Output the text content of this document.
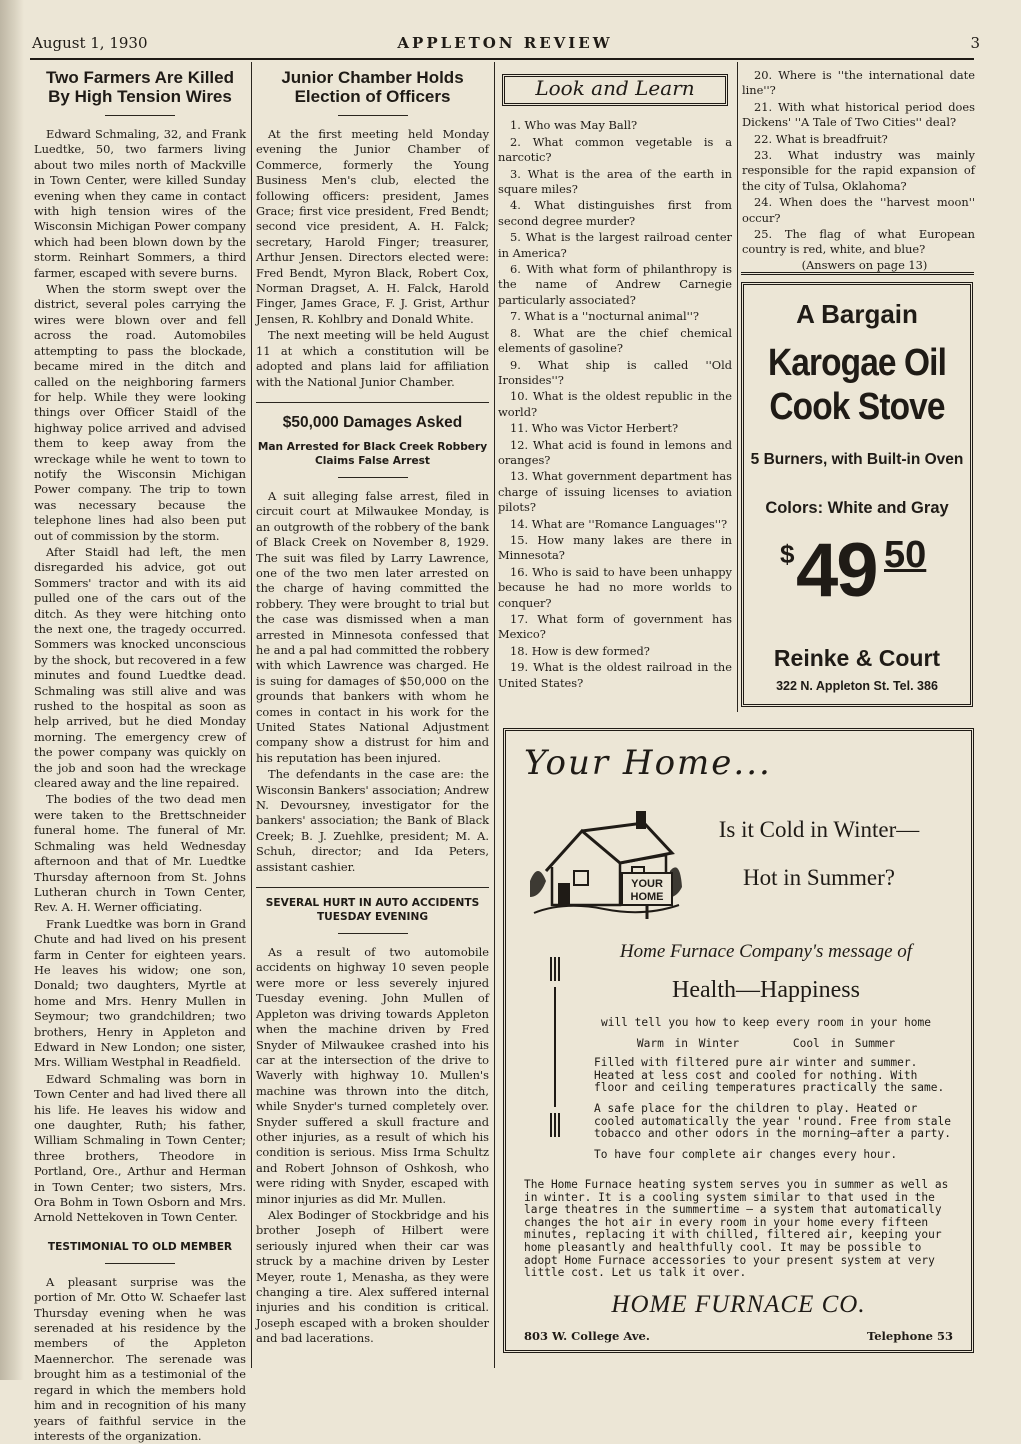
August 1, 1930	APPLETON REVIEW	3
Two Farmers Are Killed
By High Tension Wires

Edward Schmaling, 32, and Frank Luedtke, 50, two farmers living about two miles north of Mackville in Town Center, were killed Sunday evening when they came in contact with high tension wires of the Wisconsin Michigan Power company which had been blown down by the storm. Reinhart Sommers, a third farmer, escaped with severe burns.

When the storm swept over the district, several poles carrying the wires were blown over and fell across the road. Automobiles attempting to pass the blockade, became mired in the ditch and called on the neighboring farmers for help. While they were looking things over Officer Staidl of the highway police arrived and advised them to keep away from the wreckage while he went to town to notify the Wisconsin Michigan Power company. The trip to town was necessary because the telephone lines had also been put out of commission by the storm.

After Staidl had left, the men disregarded his advice, got out Sommers' tractor and with its aid pulled one of the cars out of the ditch. As they were hitching onto the next one, the tragedy occurred. Sommers was knocked unconscious by the shock, but recovered in a few minutes and found Luedtke dead. Schmaling was still alive and was rushed to the hospital as soon as help arrived, but he died Monday morning. The emergency crew of the power company was quickly on the job and soon had the wreckage cleared away and the line repaired.

The bodies of the two dead men were taken to the Brettschneider funeral home. The funeral of Mr. Schmaling was held Wednesday afternoon and that of Mr. Luedtke Thursday afternoon from St. Johns Lutheran church in Town Center, Rev. A. H. Werner officiating.

Frank Luedtke was born in Grand Chute and had lived on his present farm in Center for eighteen years. He leaves his widow; one son, Donald; two daughters, Myrtle at home and Mrs. Henry Mullen in Seymour; two grandchildren; two brothers, Henry in Appleton and Edward in New London; one sister, Mrs. William Westphal in Readfield.

Edward Schmaling was born in Town Center and had lived there all his life. He leaves his widow and one daughter, Ruth; his father, William Schmaling in Town Center; three brothers, Theodore in Portland, Ore., Arthur and Herman in Town Center; two sisters, Mrs. Ora Bohm in Town Osborn and Mrs. Arnold Nettekoven in Town Center.

TESTIMONIAL TO OLD MEMBER

A pleasant surprise was the portion of Mr. Otto W. Schaefer last Thursday evening when he was serenaded at his residence by the members of the Appleton Maennerchor. The serenade was brought him as a testimonial of the regard in which the members hold him and in recognition of his many years of faithful service in the interests of the organization.

Junior Chamber Holds
Election of Officers

At the first meeting held Monday evening the Junior Chamber of Commerce, formerly the Young Business Men's club, elected the following officers: president, James Grace; first vice president, Fred Bendt; second vice president, A. H. Falck; secretary, Harold Finger; treasurer, Arthur Jensen. Directors elected were: Fred Bendt, Myron Black, Robert Cox, Norman Dragset, A. H. Falck, Harold Finger, James Grace, F. J. Grist, Arthur Jensen, R. Kohlbry and Donald White.

The next meeting will be held August 11 at which a constitution will be adopted and plans laid for affiliation with the National Junior Chamber.

$50,000 Damages Asked
Man Arrested for Black Creek Robbery Claims False Arrest

A suit alleging false arrest, filed in circuit court at Milwaukee Monday, is an outgrowth of the robbery of the bank of Black Creek on November 8, 1929. The suit was filed by Larry Lawrence, one of the two men later arrested on the charge of having committed the robbery. They were brought to trial but the case was dismissed when a man arrested in Minnesota confessed that he and a pal had committed the robbery with which Lawrence was charged. He is suing for damages of $50,000 on the grounds that bankers with whom he comes in contact in his work for the United States National Adjustment company show a distrust for him and his reputation has been injured.

The defendants in the case are: the Wisconsin Bankers' association; Andrew N. Devoursney, investigator for the bankers' association; the Bank of Black Creek; B. J. Zuehlke, president; M. A. Schuh, director; and Ida Peters, assistant cashier.

SEVERAL HURT IN AUTO ACCIDENTS TUESDAY EVENING

As a result of two automobile accidents on highway 10 seven people were more or less severely injured Tuesday evening. John Mullen of Appleton was driving towards Appleton when the machine driven by Fred Snyder of Milwaukee crashed into his car at the intersection of the drive to Waverly with highway 10. Mullen's machine was thrown into the ditch, while Snyder's turned completely over. Snyder suffered a skull fracture and other injuries, as a result of which his condition is serious. Miss Irma Schultz and Robert Johnson of Oshkosh, who were riding with Snyder, escaped with minor injuries as did Mr. Mullen.

Alex Bodinger of Stockbridge and his brother Joseph of Hilbert were seriously injured when their car was struck by a machine driven by Lester Meyer, route 1, Menasha, as they were changing a tire. Alex suffered internal injuries and his condition is critical. Joseph escaped with a broken shoulder and bad lacerations.

Look and Learn

1. Who was May Ball?

2. What common vegetable is a narcotic?

3. What is the area of the earth in square miles?

4. What distinguishes first from second degree murder?

5. What is the largest railroad center in America?

6. With what form of philanthropy is the name of Andrew Carnegie particularly associated?

7. What is a ''nocturnal animal''?

8. What are the chief chemical elements of gasoline?

9. What ship is called ''Old Ironsides''?

10. What is the oldest republic in the world?

11. Who was Victor Herbert?

12. What acid is found in lemons and oranges?

13. What government department has charge of issuing licenses to aviation pilots?

14. What are ''Romance Languages''?

15. How many lakes are there in Minnesota?

16. Who is said to have been unhappy because he had no more worlds to conquer?

17. What form of government has Mexico?

18. How is dew formed?

19. What is the oldest railroad in the United States?

20. Where is ''the international date line''?

21. With what historical period does Dickens' ''A Tale of Two Cities'' deal?

22. What is breadfruit?

23. What industry was mainly responsible for the rapid expansion of the city of Tulsa, Oklahoma?

24. When does the ''harvest moon'' occur?

25. The flag of what European country is red, white, and blue?

(Answers on page 13)

A Bargain
Karogae Oil
Cook Stove
5 Burners, with Built-in Oven
Colors: White and Gray
$ 49 50
Reinke & Court
322 N. Appleton St. Tel. 386
Your Home...
YOUR
HOME
Is it Cold in Winter—
Hot in Summer?
Home Furnace Company's message of
Health—Happiness
will tell you how to keep every room in your home
Warm in Winter	Cool in Summer
Filled with filtered pure air winter and summer. Heated at less cost and cooled for nothing. With floor and ceiling temperatures practically the same.
A safe place for the children to play. Heated or cooled automatically the year 'round. Free from stale tobacco and other odors in the morning—after a party.
To have four complete air changes every hour.
The Home Furnace heating system serves you in summer as well as in winter. It is a cooling system similar to that used in the large theatres in the summertime — a system that automatically changes the hot air in every room in your home every fifteen minutes, replacing it with chilled, filtered air, keeping your home pleasantly and healthfully cool. It may be possible to adopt Home Furnace accessories to your present system at very little cost. Let us talk it over.
HOME FURNACE CO.
803 W. College Ave.	Telephone 53
